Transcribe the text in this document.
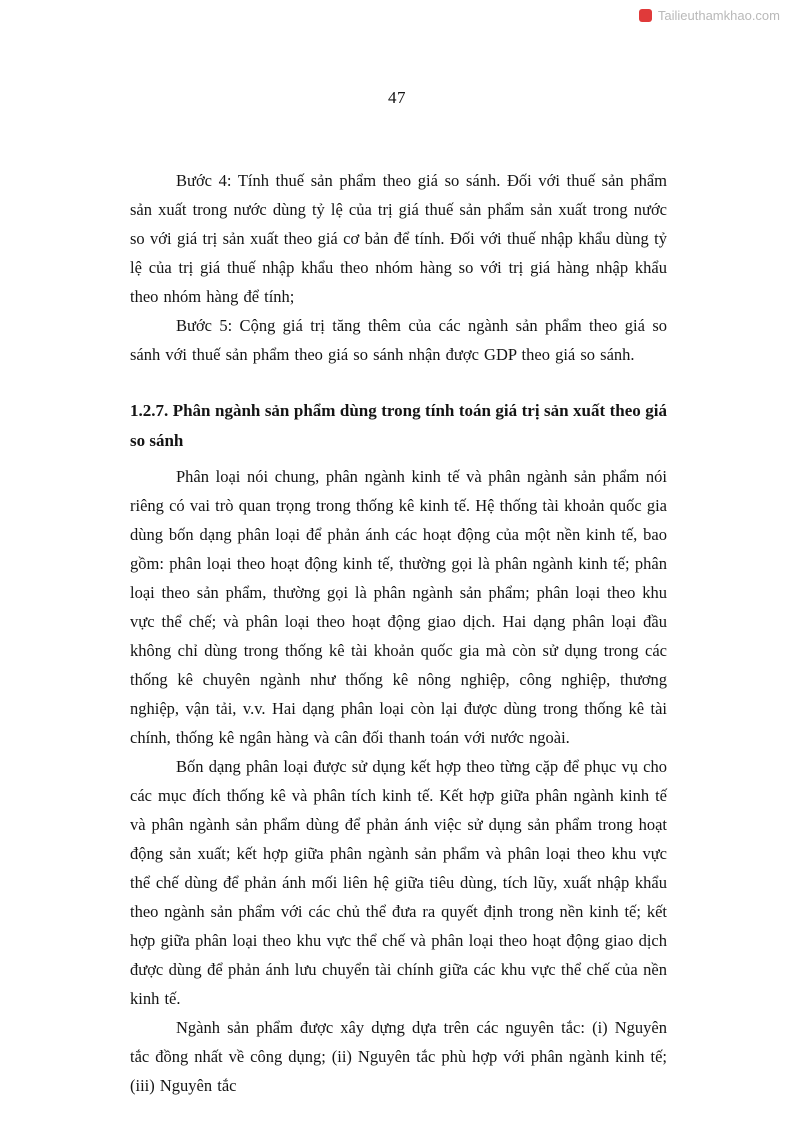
Tailieuthamkhao.com
47

Bước 4: Tính thuế sản phẩm theo giá so sánh. Đối với thuế sản phẩm sản xuất trong nước dùng tỷ lệ của trị giá thuế sản phẩm sản xuất trong nước so với giá trị sản xuất theo giá cơ bản để tính. Đối với thuế nhập khẩu dùng tỷ lệ của trị giá thuế nhập khẩu theo nhóm hàng so với trị giá hàng nhập khẩu theo nhóm hàng để tính;

Bước 5: Cộng giá trị tăng thêm của các ngành sản phẩm theo giá so sánh với thuế sản phẩm theo giá so sánh nhận được GDP theo giá so sánh.

1.2.7. Phân ngành sản phẩm dùng trong tính toán giá trị sản xuất theo giá so sánh

Phân loại nói chung, phân ngành kinh tế và phân ngành sản phẩm nói riêng có vai trò quan trọng trong thống kê kinh tế. Hệ thống tài khoản quốc gia dùng bốn dạng phân loại để phản ánh các hoạt động của một nền kinh tế, bao gồm: phân loại theo hoạt động kinh tế, thường gọi là phân ngành kinh tế; phân loại theo sản phẩm, thường gọi là phân ngành sản phẩm; phân loại theo khu vực thể chế; và phân loại theo hoạt động giao dịch. Hai dạng phân loại đầu không chỉ dùng trong thống kê tài khoản quốc gia mà còn sử dụng trong các thống kê chuyên ngành như thống kê nông nghiệp, công nghiệp, thương nghiệp, vận tải, v.v. Hai dạng phân loại còn lại được dùng trong thống kê tài chính, thống kê ngân hàng và cân đối thanh toán với nước ngoài.

Bốn dạng phân loại được sử dụng kết hợp theo từng cặp để phục vụ cho các mục đích thống kê và phân tích kinh tế. Kết hợp giữa phân ngành kinh tế và phân ngành sản phẩm dùng để phản ánh việc sử dụng sản phẩm trong hoạt động sản xuất; kết hợp giữa phân ngành sản phẩm và phân loại theo khu vực thể chế dùng để phản ánh mối liên hệ giữa tiêu dùng, tích lũy, xuất nhập khẩu theo ngành sản phẩm với các chủ thể đưa ra quyết định trong nền kinh tế; kết hợp giữa phân loại theo khu vực thể chế và phân loại theo hoạt động giao dịch được dùng để phản ánh lưu chuyển tài chính giữa các khu vực thể chế của nền kinh tế.

Ngành sản phẩm được xây dựng dựa trên các nguyên tắc: (i) Nguyên tắc đồng nhất về công dụng; (ii) Nguyên tắc phù hợp với phân ngành kinh tế; (iii) Nguyên tắc
